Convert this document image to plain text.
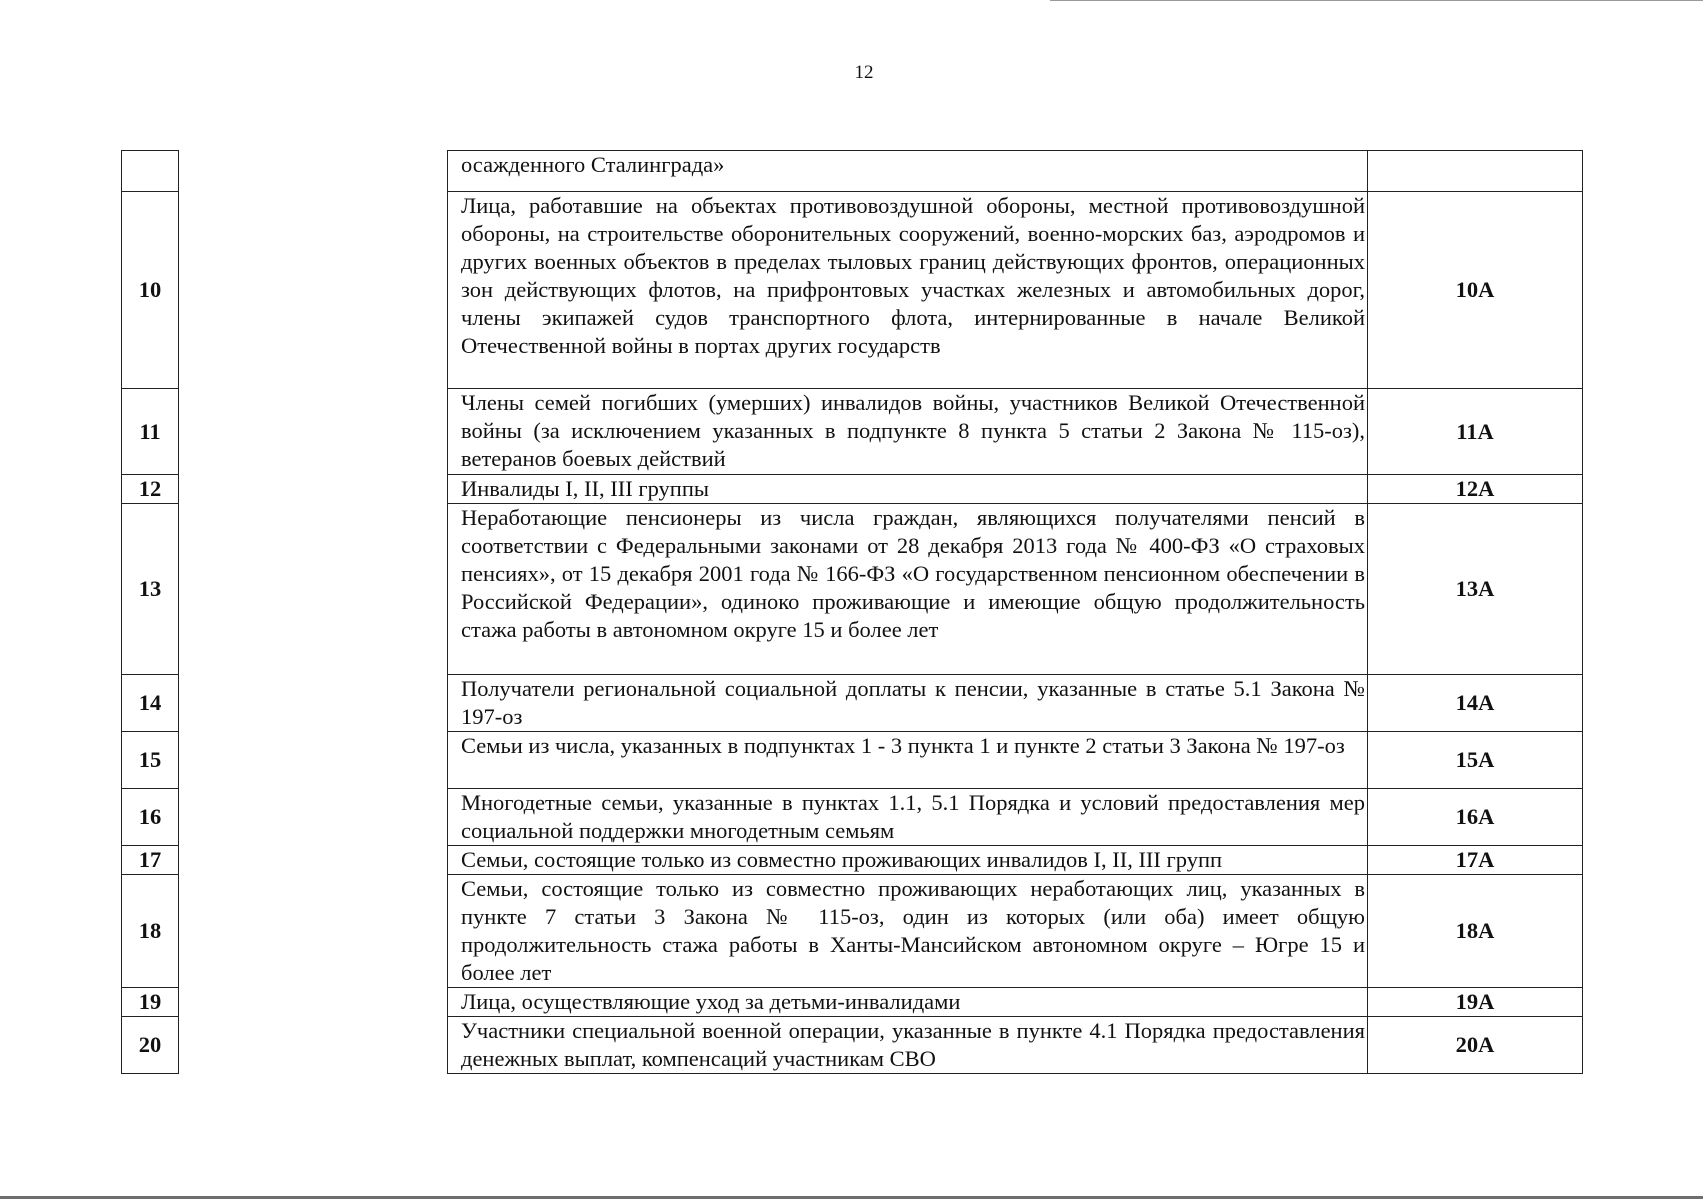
12
		осажденного Сталинграда»	
10		Лица, работавшие на объектах противовоздушной обороны, местной противовоздушной обороны, на строительстве оборонительных сооружений, военно-морских баз, аэродромов и других военных объектов в пределах тыловых границ действующих фронтов, операционных зон действующих флотов, на прифронтовых участках железных и автомобильных дорог, члены экипажей судов транспортного флота, интернированные в начале Великой Отечественной войны в портах других государств	10А
11		Члены семей погибших (умерших) инвалидов войны, участников Великой Отечественной войны (за исключением указанных в подпункте 8 пункта 5 статьи 2 Закона № 115-оз), ветеранов боевых действий	11А
12		Инвалиды I, II, III группы	12А
13		Неработающие пенсионеры из числа граждан, являющихся получателями пенсий в соответствии с Федеральными законами от 28 декабря 2013 года № 400-ФЗ «О страховых пенсиях», от 15 декабря 2001 года № 166-ФЗ «О государственном пенсионном обеспечении в Российской Федерации», одиноко проживающие и имеющие общую продолжительность стажа работы в автономном округе 15 и более лет	13А
14		Получатели региональной социальной доплаты к пенсии, указанные в статье 5.1 Закона № 197-оз	14А
15		Семьи из числа, указанных в подпунктах 1 - 3 пункта 1 и пункте 2 статьи 3 Закона № 197-оз	15А
16		Многодетные семьи, указанные в пунктах 1.1, 5.1 Порядка и условий предоставления мер социальной поддержки многодетным семьям	16А
17		Семьи, состоящие только из совместно проживающих инвалидов I, II, III групп	17А
18		Семьи, состоящие только из совместно проживающих неработающих лиц, указанных в пункте 7 статьи 3 Закона № 115-оз, один из которых (или оба) имеет общую продолжительность стажа работы в Ханты-Мансийском автономном округе – Югре 15 и более лет	18А
19		Лица, осуществляющие уход за детьми-инвалидами	19А
20		Участники специальной военной операции, указанные в пункте 4.1 Порядка предоставления денежных выплат, компенсаций участникам СВО	20А
